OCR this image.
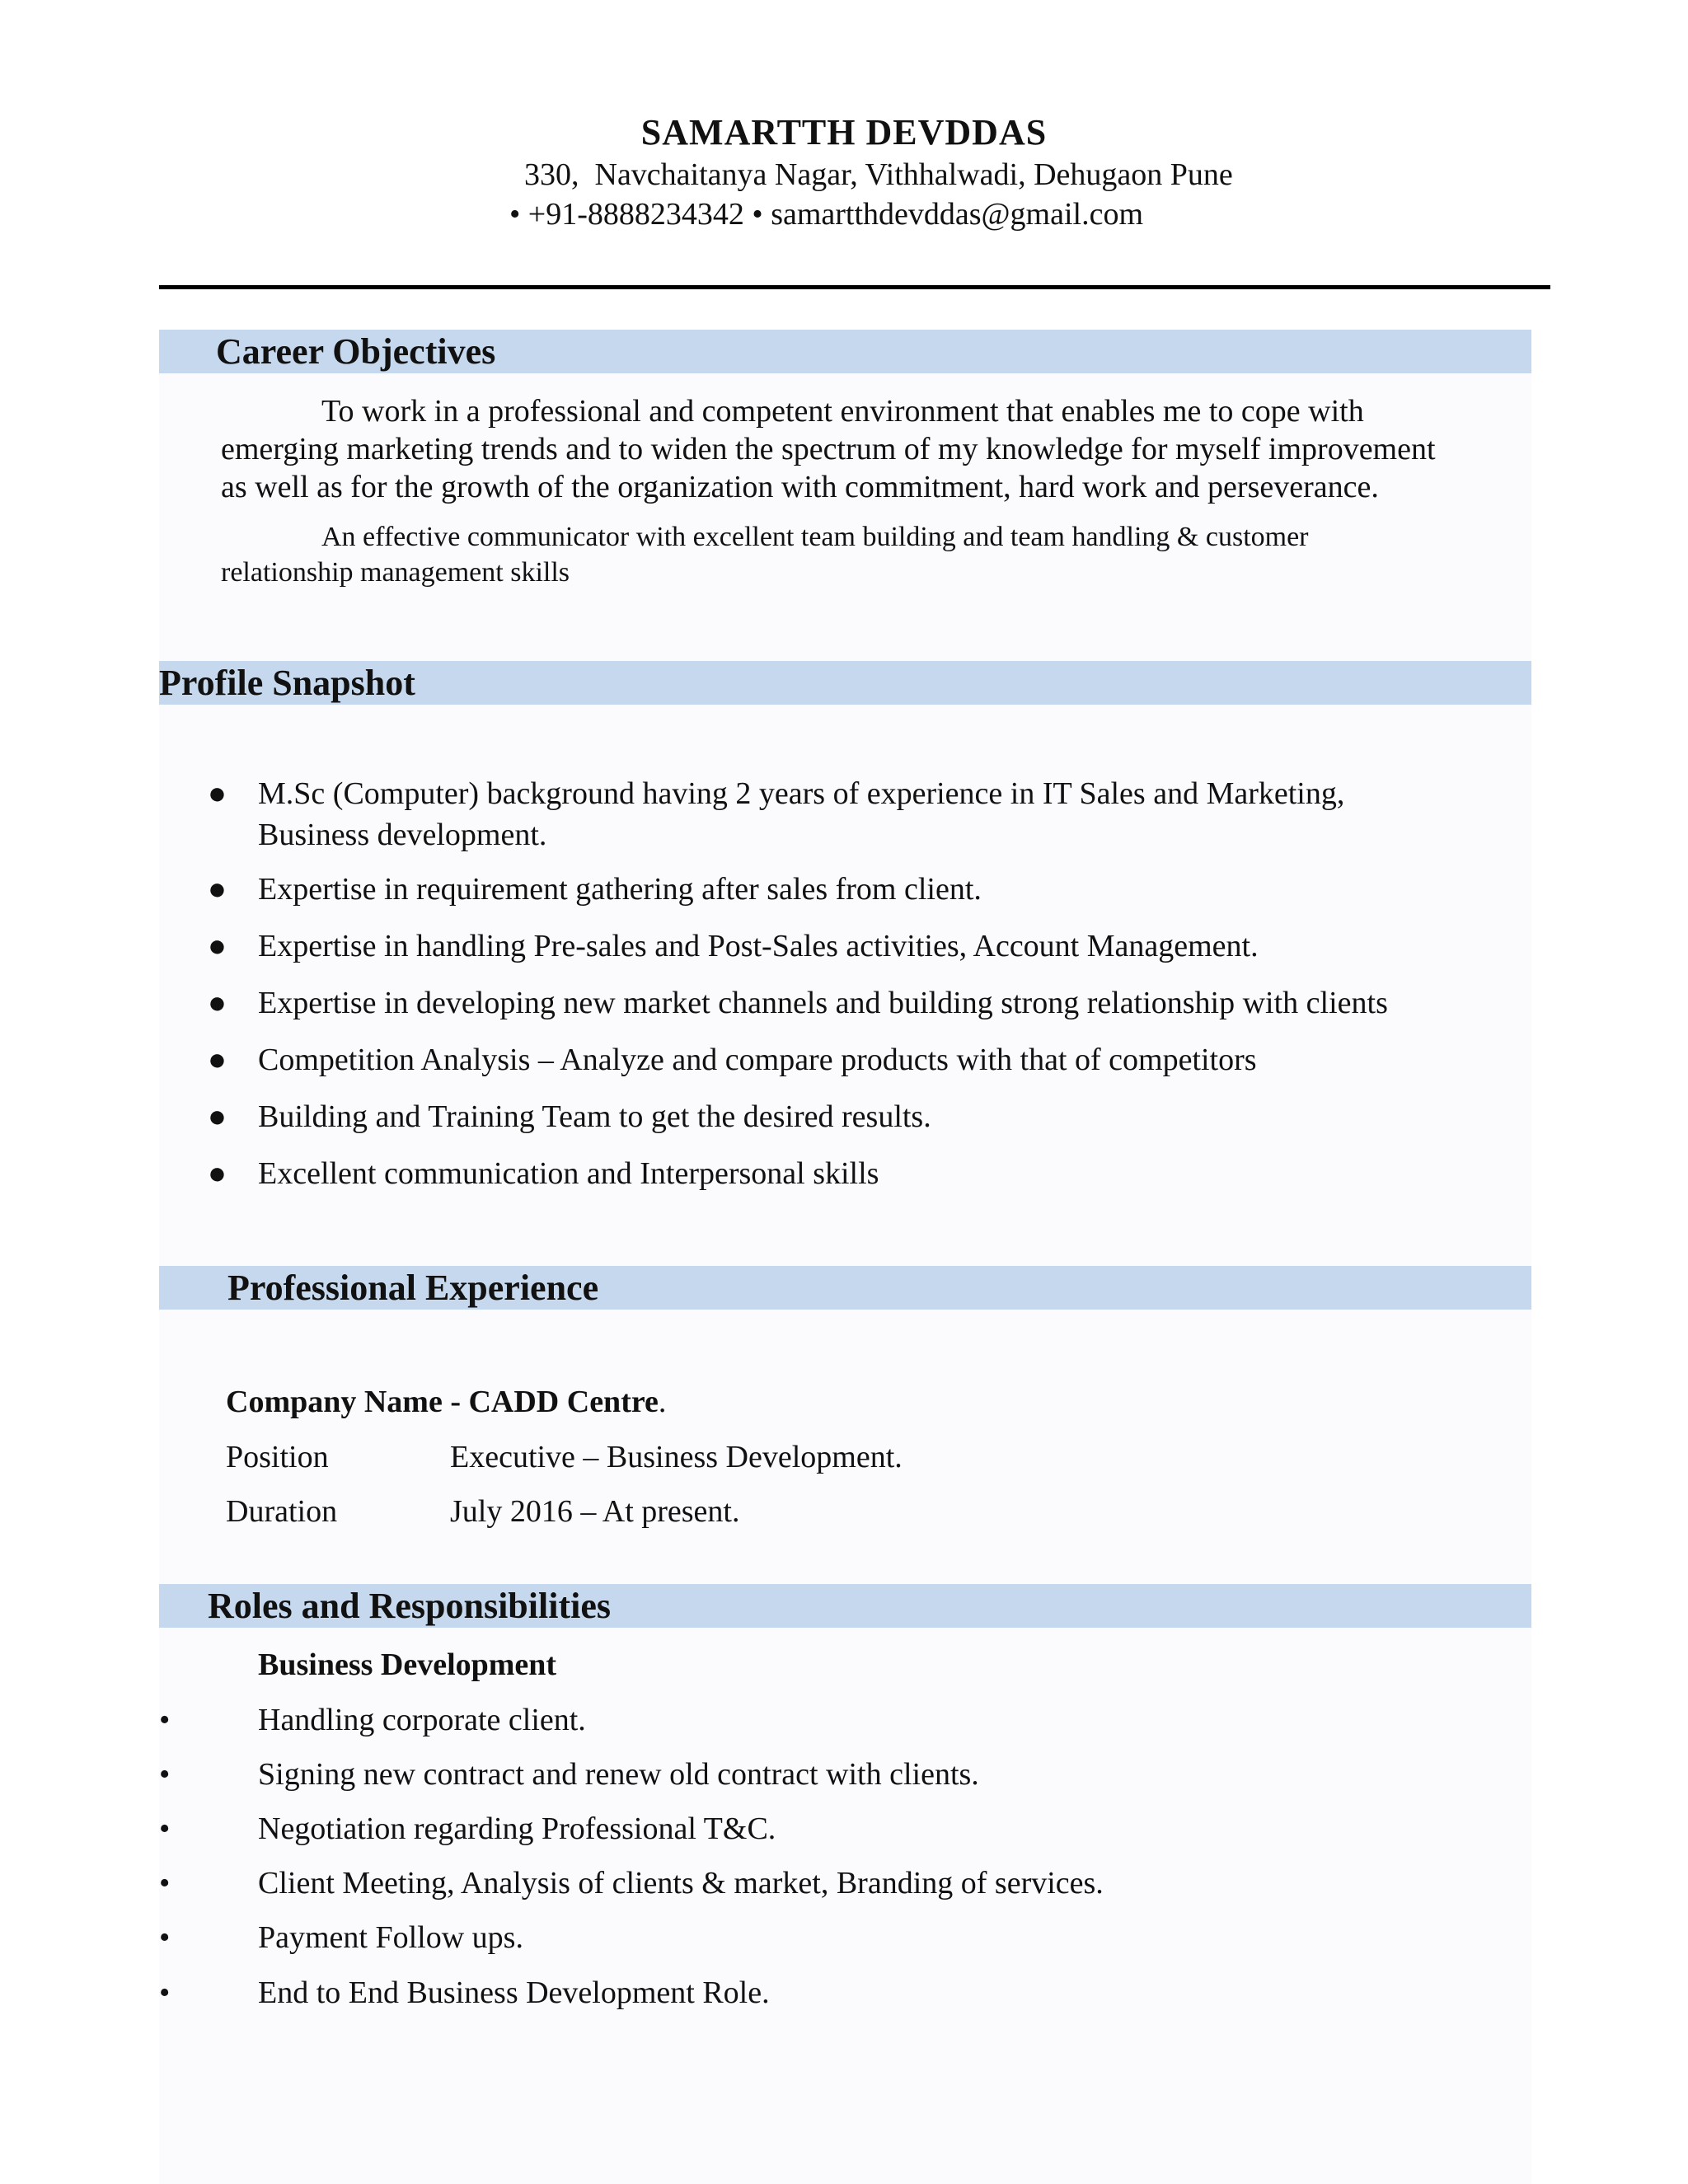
SAMARTTH DEVDDAS
330,  Navchaitanya Nagar, Vithhalwadi, Dehugaon Pune
• +91-8888234342 • samartthdevddas@gmail.com
Career Objectives
To work in a professional and competent environment that enables me to cope with
emerging marketing trends and to widen the spectrum of my knowledge for myself improvement
as well as for the growth of the organization with commitment, hard work and perseverance.
An effective communicator with excellent team building and team handling & customer
relationship management skills
Profile Snapshot
● M.Sc (Computer) background having 2 years of experience in IT Sales and Marketing,
Business development.
● Expertise in requirement gathering after sales from client.
● Expertise in handling Pre-sales and Post-Sales activities, Account Management.
● Expertise in developing new market channels and building strong relationship with clients
● Competition Analysis – Analyze and compare products with that of competitors
● Building and Training Team to get the desired results.
● Excellent communication and Interpersonal skills
Professional Experience
Company Name - CADD Centre.
Position	Executive – Business Development.
Duration	July 2016 – At present.
Roles and Responsibilities
Business Development
•	Handling corporate client.
•	Signing new contract and renew old contract with clients.
•	Negotiation regarding Professional T&C.
•	Client Meeting, Analysis of clients & market, Branding of services.
•	Payment Follow ups.
•	End to End Business Development Role.
